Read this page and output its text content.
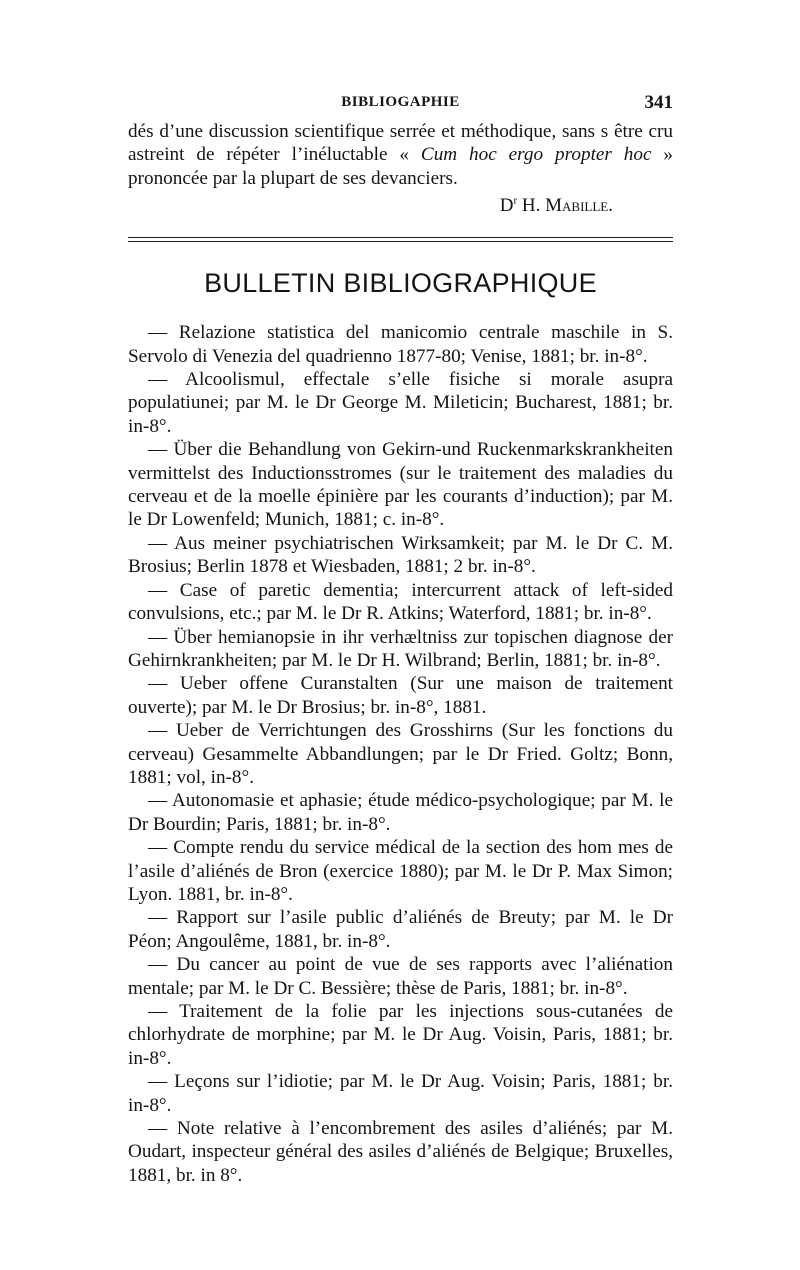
BIBLIOGAPHIE	341

dés d’une discussion scientifique serrée et méthodique, sans s être cru astreint de répéter l’inéluctable « Cum hoc ergo propter hoc » prononcée par la plupart de ses devanciers.

$D^r$ H. Mabille.

BULLETIN BIBLIOGRAPHIQUE

— Relazione statistica del manicomio centrale maschile in S. Servolo di Venezia del quadrienno 1877-80; Venise, 1881; br. in-8°.

— Alcoolismul, effectale s’elle fisiche si morale asupra populatiunei; par M. le Dr George M. Mileticin; Bucharest, 1881; br. in-8°.

— Über die Behandlung von Gekirn-und Ruckenmarkskrankheiten vermittelst des Inductionsstromes (sur le traitement des maladies du cerveau et de la moelle épinière par les courants d’induction); par M. le Dr Lowenfeld; Munich, 1881; c. in-8°.

— Aus meiner psychiatrischen Wirksamkeit; par M. le Dr C. M. Brosius; Berlin 1878 et Wiesbaden, 1881; 2 br. in-8°.

— Case of paretic dementia; intercurrent attack of left-sided convulsions, etc.; par M. le Dr R. Atkins; Waterford, 1881; br. in-8°.

— Über hemianopsie in ihr verhæltniss zur topischen diagnose der Gehirnkrankheiten; par M. le Dr H. Wilbrand; Berlin, 1881; br. in-8°.

— Ueber offene Curanstalten (Sur une maison de traitement ouverte); par M. le Dr Brosius; br. in-8°, 1881.

— Ueber de Verrichtungen des Grosshirns (Sur les fonctions du cerveau) Gesammelte Abbandlungen; par le Dr Fried. Goltz; Bonn, 1881; vol, in-8°.

— Autonomasie et aphasie; étude médico-psychologique; par M. le Dr Bourdin; Paris, 1881; br. in-8°.

— Compte rendu du service médical de la section des hom mes de l’asile d’aliénés de Bron (exercice 1880); par M. le Dr P. Max Simon; Lyon. 1881, br. in-8°.

— Rapport sur l’asile public d’aliénés de Breuty; par M. le Dr Péon; Angoulême, 1881, br. in-8°.

— Du cancer au point de vue de ses rapports avec l’aliénation mentale; par M. le Dr C. Bessière; thèse de Paris, 1881; br. in-8°.

— Traitement de la folie par les injections sous-cutanées de chlorhydrate de morphine; par M. le Dr Aug. Voisin, Paris, 1881; br. in-8°.

— Leçons sur l’idiotie; par M. le Dr Aug. Voisin; Paris, 1881; br. in-8°.

— Note relative à l’encombrement des asiles d’aliénés; par M. Oudart, inspecteur général des asiles d’aliénés de Belgique; Bruxelles, 1881, br. in 8°.
